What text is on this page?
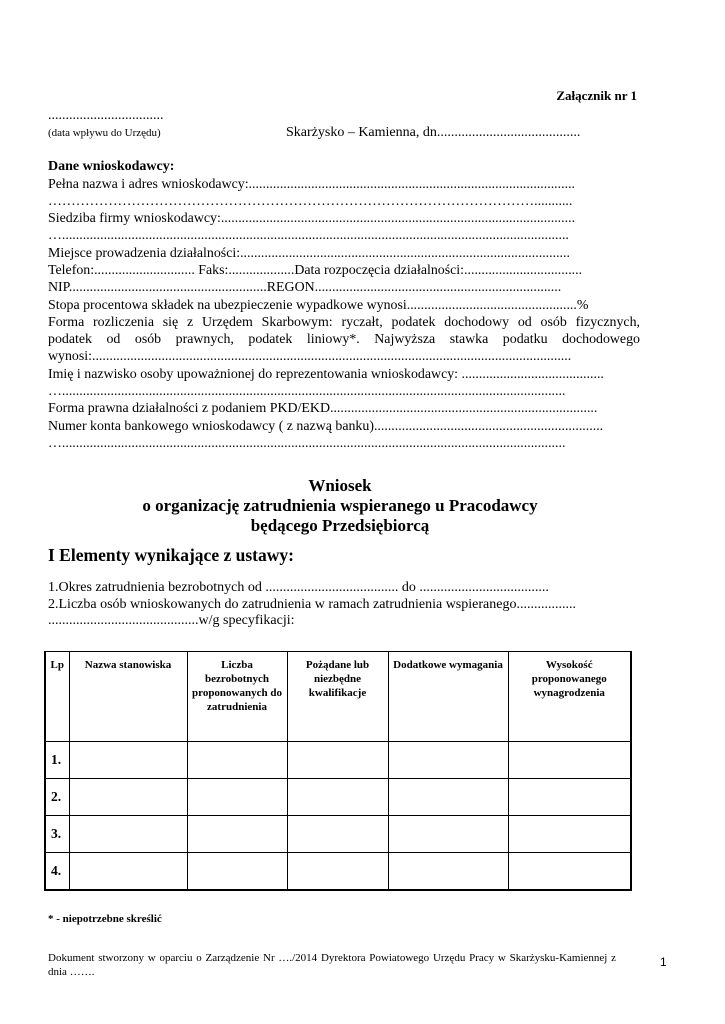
Załącznik nr 1
.................................
(data wpływu do Urzędu)	Skarżysko – Kamienna, dn.........................................
Dane wnioskodawcy:
Pełna nazwa i adres wnioskodawcy:..............................................................................................
……………………………………………………………………………………………...........
Siedziba firmy wnioskodawcy:......................................................................................................
…..................................................................................................................................................
Miejsce prowadzenia działalności:...............................................................................................
Telefon:............................. Faks:...................Data rozpoczęcia działalności:..................................
NIP.........................................................REGON.......................................................................
Stopa procentowa składek na ubezpieczenie wypadkowe wynosi.................................................%
Forma rozliczenia się z Urzędem Skarbowym: ryczałt, podatek dochodowy od osób fizycznych,
podatek od osób prawnych, podatek liniowy*. Najwyższa stawka podatku dochodowego
wynosi:..........................................................................................................................................
Imię i nazwisko osoby upoważnionej do reprezentowania wnioskodawcy: .........................................
….................................................................................................................................................
Forma prawna działalności z podaniem PKD/EKD.............................................................................
Numer konta bankowego wnioskodawcy ( z nazwą banku)..................................................................
….................................................................................................................................................
Wniosek
o organizację zatrudnienia wspieranego u Pracodawcy
będącego Przedsiębiorcą
I Elementy wynikające z ustawy:
1.Okres zatrudnienia bezrobotnych od ...................................... do .....................................
2.Liczba osób wnioskowanych do zatrudnienia w ramach zatrudnienia wspieranego.................
...........................................w/g specyfikacji:
Lp	Nazwa stanowiska	Liczba bezrobotnych proponowanych do zatrudnienia	Pożądane lub niezbędne kwalifikacje	Dodatkowe wymagania	Wysokość proponowanego wynagrodzenia
1.					
2.					
3.					
4.					
* - niepotrzebne skreślić
Dokument stworzony w oparciu o Zarządzenie Nr …./2014 Dyrektora Powiatowego Urzędu Pracy w Skarżysku-Kamiennej z
dnia …….
1
